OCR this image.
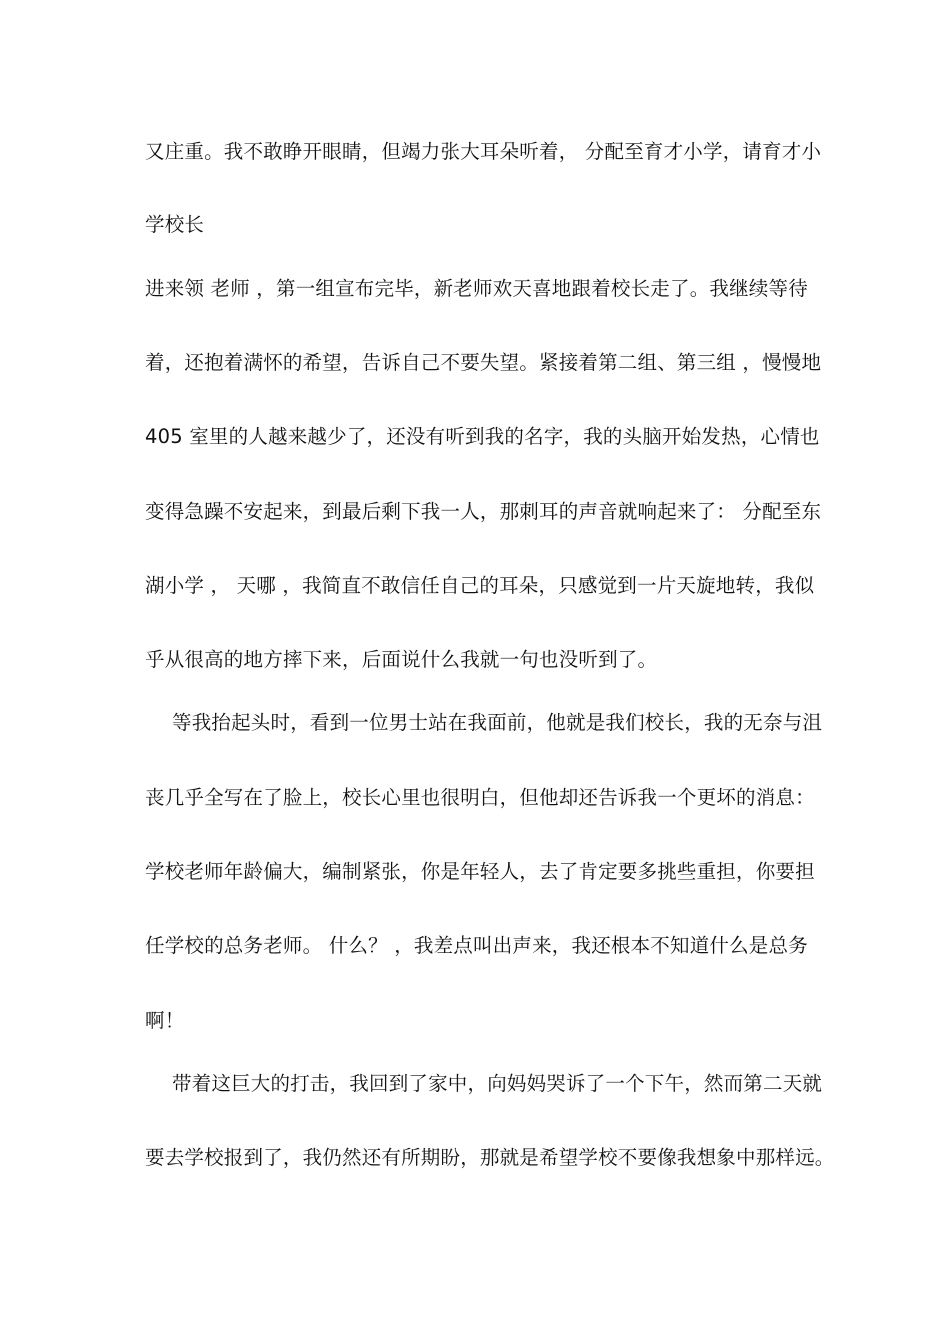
又庄重。我不敢睁开眼睛，但竭力张大耳朵听着， 分配至育才小学，请育才小
学校长
进来领 老师 ，第一组宣布完毕，新老师欢天喜地跟着校长走了。我继续等待
着，还抱着满怀的希望，告诉自己不要失望。紧接着第二组、第三组 ，慢慢地
405 室里的人越来越少了，还没有听到我的名字，我的头脑开始发热，心情也
变得急躁不安起来，到最后剩下我一人，那刺耳的声音就响起来了： 分配至东
湖小学 ， 天哪 ，我简直不敢信任自己的耳朵，只感觉到一片天旋地转，我似
乎从很高的地方摔下来，后面说什么我就一句也没听到了。
等我抬起头时，看到一位男士站在我面前，他就是我们校长，我的无奈与沮
丧几乎全写在了脸上，校长心里也很明白，但他却还告诉我一个更坏的消息：
学校老师年龄偏大，编制紧张，你是年轻人，去了肯定要多挑些重担，你要担
任学校的总务老师。 什么？ ，我差点叫出声来，我还根本不知道什么是总务
啊！
带着这巨大的打击，我回到了家中，向妈妈哭诉了一个下午，然而第二天就
要去学校报到了，我仍然还有所期盼，那就是希望学校不要像我想象中那样远。
